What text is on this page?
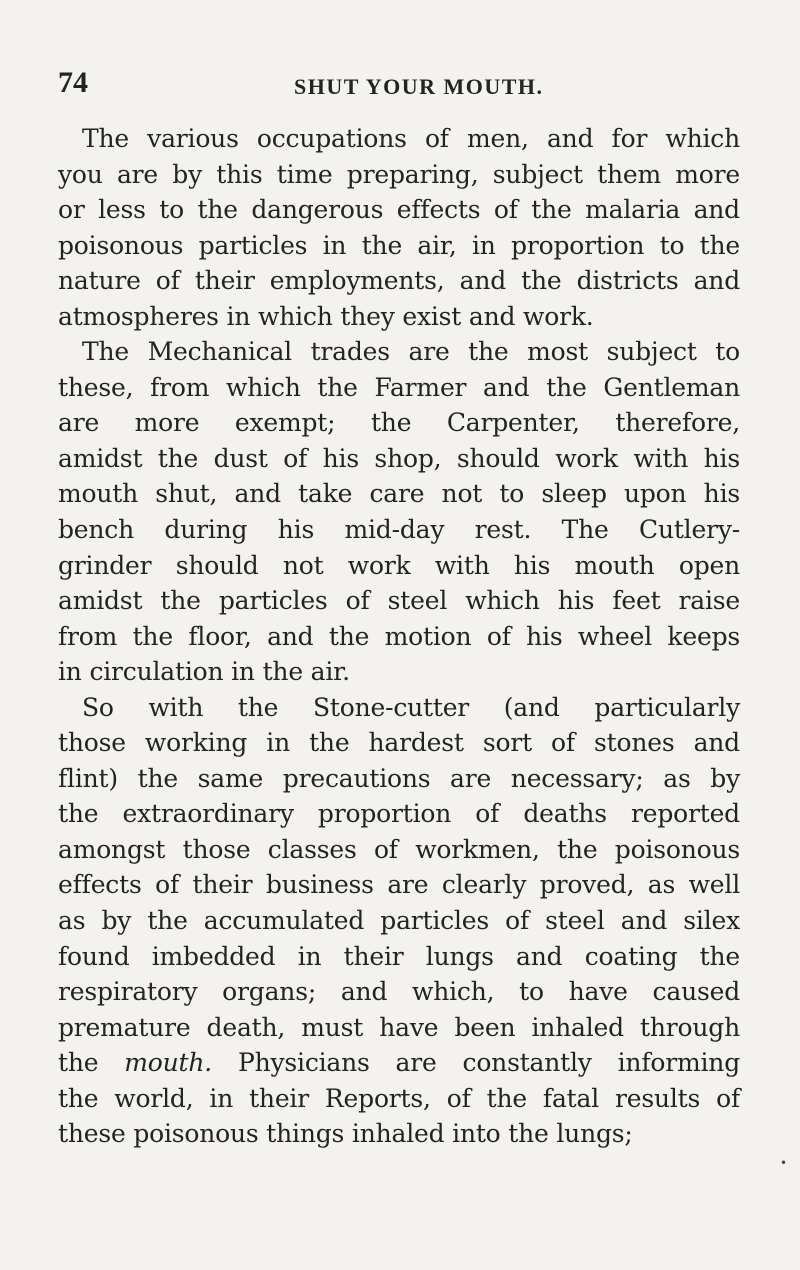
74	SHUT YOUR MOUTH.
The various occupations of men, and for which
you are by this time preparing, subject them more
or less to the dangerous effects of the malaria and
poisonous particles in the air, in proportion to the
nature of their employments, and the districts and
atmospheres in which they exist and work.
The Mechanical trades are the most subject to
these, from which the Farmer and the Gentleman
are more exempt; the Carpenter, therefore,
amidst the dust of his shop, should work with his
mouth shut, and take care not to sleep upon his
bench during his mid-day rest. The Cutlery-
grinder should not work with his mouth open
amidst the particles of steel which his feet raise
from the floor, and the motion of his wheel keeps
in circulation in the air.
So with the Stone-cutter (and particularly
those working in the hardest sort of stones and
flint) the same precautions are necessary; as by
the extraordinary proportion of deaths reported
amongst those classes of workmen, the poisonous
effects of their business are clearly proved, as well
as by the accumulated particles of steel and silex
found imbedded in their lungs and coating the
respiratory organs; and which, to have caused
premature death, must have been inhaled through
the mouth. Physicians are constantly informing
the world, in their Reports, of the fatal results of
these poisonous things inhaled into the lungs;
•
